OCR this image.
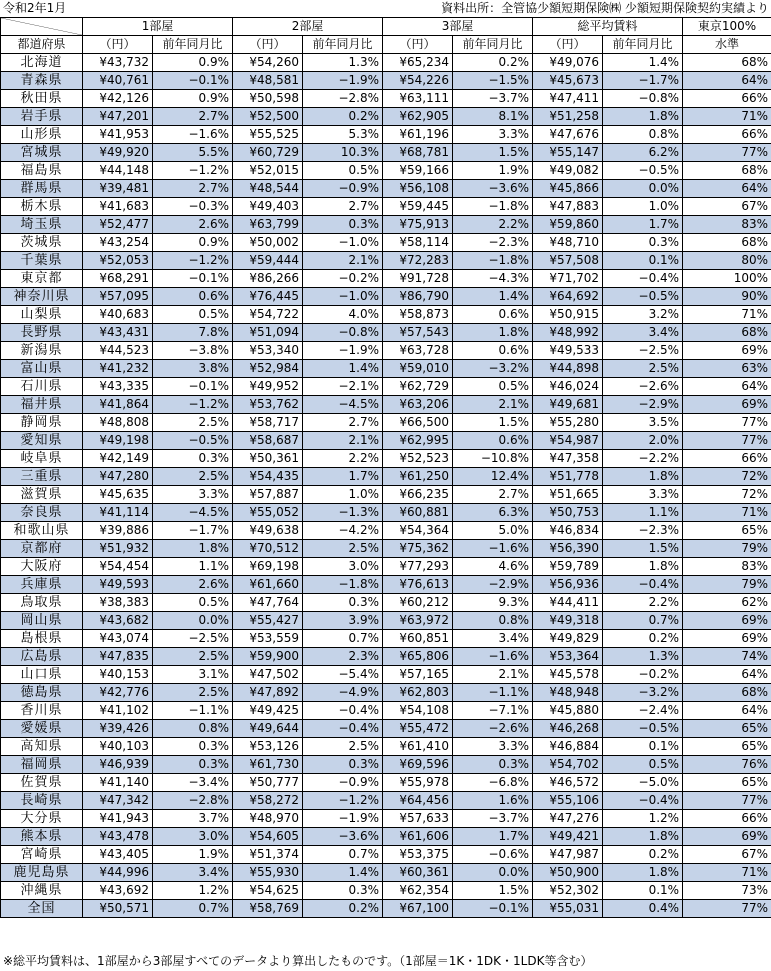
令和2年1月	資料出所：全管協少額短期保険㈱ 少額短期保険契約実績より
	1部屋		2部屋		3部屋		総平均賃料		東京100%
都道府県	（円）	前年同月比	（円）	前年同月比	（円）	前年同月比	（円）	前年同月比	水準
北海道	¥43,732	0.9%	¥54,260	1.3%	¥65,234	0.2%	¥49,076	1.4%	68%
青森県	¥40,761	−0.1%	¥48,581	−1.9%	¥54,226	−1.5%	¥45,673	−1.7%	64%
秋田県	¥42,126	0.9%	¥50,598	−2.8%	¥63,111	−3.7%	¥47,411	−0.8%	66%
岩手県	¥47,201	2.7%	¥52,500	0.2%	¥62,905	8.1%	¥51,258	1.8%	71%
山形県	¥41,953	−1.6%	¥55,525	5.3%	¥61,196	3.3%	¥47,676	0.8%	66%
宮城県	¥49,920	5.5%	¥60,729	10.3%	¥68,781	1.5%	¥55,147	6.2%	77%
福島県	¥44,148	−1.2%	¥52,015	0.5%	¥59,166	1.9%	¥49,082	−0.5%	68%
群馬県	¥39,481	2.7%	¥48,544	−0.9%	¥56,108	−3.6%	¥45,866	0.0%	64%
栃木県	¥41,683	−0.3%	¥49,403	2.7%	¥59,445	−1.8%	¥47,883	1.0%	67%
埼玉県	¥52,477	2.6%	¥63,799	0.3%	¥75,913	2.2%	¥59,860	1.7%	83%
茨城県	¥43,254	0.9%	¥50,002	−1.0%	¥58,114	−2.3%	¥48,710	0.3%	68%
千葉県	¥52,053	−1.2%	¥59,444	2.1%	¥72,283	−1.8%	¥57,508	0.1%	80%
東京都	¥68,291	−0.1%	¥86,266	−0.2%	¥91,728	−4.3%	¥71,702	−0.4%	100%
神奈川県	¥57,095	0.6%	¥76,445	−1.0%	¥86,790	1.4%	¥64,692	−0.5%	90%
山梨県	¥40,683	0.5%	¥54,722	4.0%	¥58,873	0.6%	¥50,915	3.2%	71%
長野県	¥43,431	7.8%	¥51,094	−0.8%	¥57,543	1.8%	¥48,992	3.4%	68%
新潟県	¥44,523	−3.8%	¥53,340	−1.9%	¥63,728	0.6%	¥49,533	−2.5%	69%
富山県	¥41,232	3.8%	¥52,984	1.4%	¥59,010	−3.2%	¥44,898	2.5%	63%
石川県	¥43,335	−0.1%	¥49,952	−2.1%	¥62,729	0.5%	¥46,024	−2.6%	64%
福井県	¥41,864	−1.2%	¥53,762	−4.5%	¥63,206	2.1%	¥49,681	−2.9%	69%
静岡県	¥48,808	2.5%	¥58,717	2.7%	¥66,500	1.5%	¥55,280	3.5%	77%
愛知県	¥49,198	−0.5%	¥58,687	2.1%	¥62,995	0.6%	¥54,987	2.0%	77%
岐阜県	¥42,149	0.3%	¥50,361	2.2%	¥52,523	−10.8%	¥47,358	−2.2%	66%
三重県	¥47,280	2.5%	¥54,435	1.7%	¥61,250	12.4%	¥51,778	1.8%	72%
滋賀県	¥45,635	3.3%	¥57,887	1.0%	¥66,235	2.7%	¥51,665	3.3%	72%
奈良県	¥41,114	−4.5%	¥55,052	−1.3%	¥60,881	6.3%	¥50,753	1.1%	71%
和歌山県	¥39,886	−1.7%	¥49,638	−4.2%	¥54,364	5.0%	¥46,834	−2.3%	65%
京都府	¥51,932	1.8%	¥70,512	2.5%	¥75,362	−1.6%	¥56,390	1.5%	79%
大阪府	¥54,454	1.1%	¥69,198	3.0%	¥77,293	4.6%	¥59,789	1.8%	83%
兵庫県	¥49,593	2.6%	¥61,660	−1.8%	¥76,613	−2.9%	¥56,936	−0.4%	79%
鳥取県	¥38,383	0.5%	¥47,764	0.3%	¥60,212	9.3%	¥44,411	2.2%	62%
岡山県	¥43,682	0.0%	¥55,427	3.9%	¥63,972	0.8%	¥49,318	0.7%	69%
島根県	¥43,074	−2.5%	¥53,559	0.7%	¥60,851	3.4%	¥49,829	0.2%	69%
広島県	¥47,835	2.5%	¥59,900	2.3%	¥65,806	−1.6%	¥53,364	1.3%	74%
山口県	¥40,153	3.1%	¥47,502	−5.4%	¥57,165	2.1%	¥45,578	−0.2%	64%
徳島県	¥42,776	2.5%	¥47,892	−4.9%	¥62,803	−1.1%	¥48,948	−3.2%	68%
香川県	¥41,102	−1.1%	¥49,425	−0.4%	¥54,108	−7.1%	¥45,880	−2.4%	64%
愛媛県	¥39,426	0.8%	¥49,644	−0.4%	¥55,472	−2.6%	¥46,268	−0.5%	65%
高知県	¥40,103	0.3%	¥53,126	2.5%	¥61,410	3.3%	¥46,884	0.1%	65%
福岡県	¥46,939	0.3%	¥61,730	0.3%	¥69,596	0.3%	¥54,702	0.5%	76%
佐賀県	¥41,140	−3.4%	¥50,777	−0.9%	¥55,978	−6.8%	¥46,572	−5.0%	65%
長崎県	¥47,342	−2.8%	¥58,272	−1.2%	¥64,456	1.6%	¥55,106	−0.4%	77%
大分県	¥41,943	3.7%	¥48,970	−1.9%	¥57,633	−3.7%	¥47,276	1.2%	66%
熊本県	¥43,478	3.0%	¥54,605	−3.6%	¥61,606	1.7%	¥49,421	1.8%	69%
宮崎県	¥43,405	1.9%	¥51,374	0.7%	¥53,375	−0.6%	¥47,987	0.2%	67%
鹿児島県	¥44,996	3.4%	¥55,930	1.4%	¥60,361	0.0%	¥50,900	1.8%	71%
沖縄県	¥43,692	1.2%	¥54,625	0.3%	¥62,354	1.5%	¥52,302	0.1%	73%
全国	¥50,571	0.7%	¥58,769	0.2%	¥67,100	−0.1%	¥55,031	0.4%	77%
※総平均賃料は、1部屋から3部屋すべてのデータより算出したものです。（1部屋＝1K・1DK・1LDK等含む）
